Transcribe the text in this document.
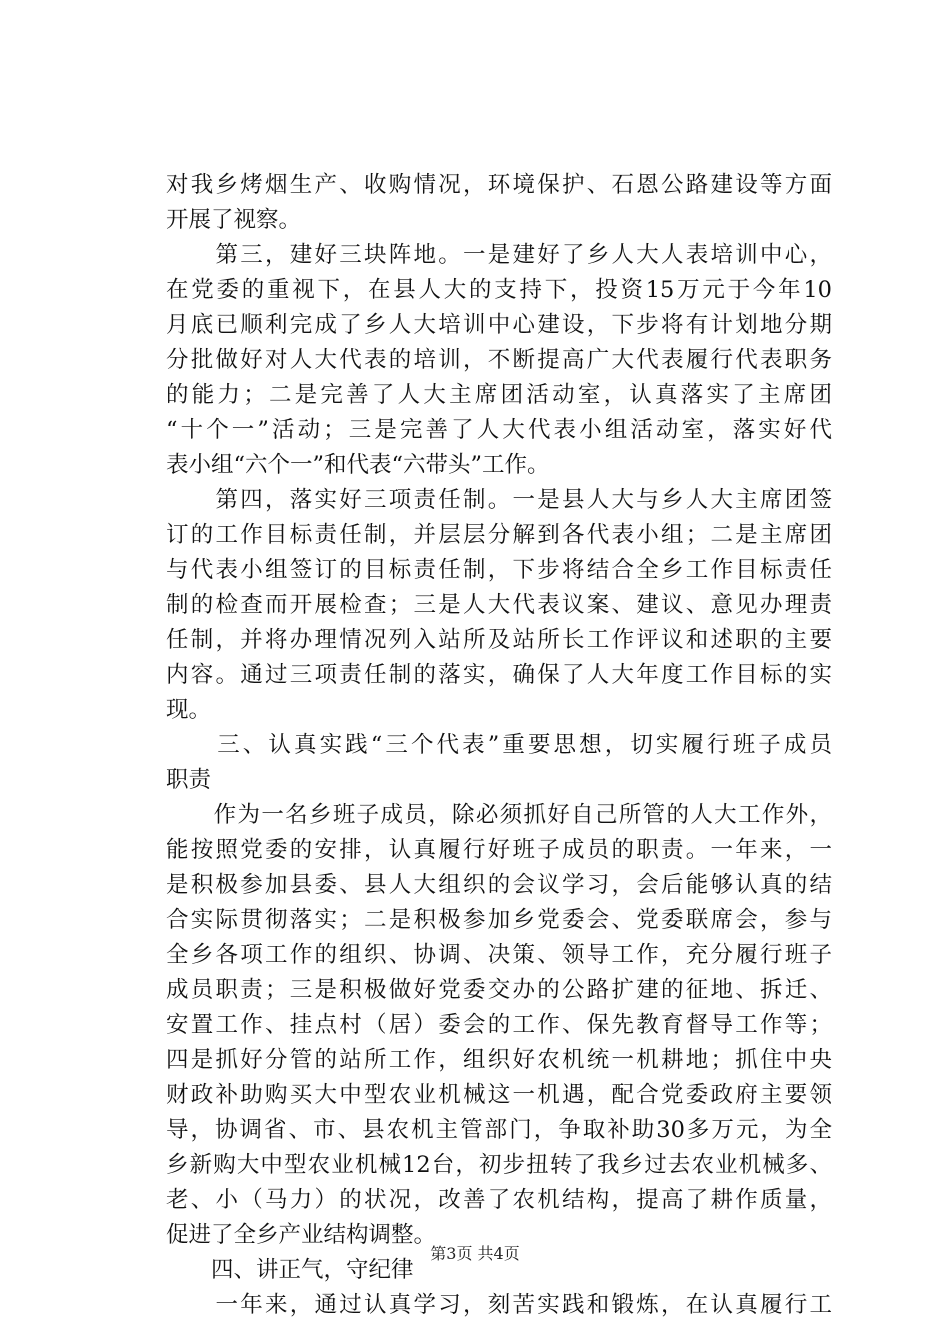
对我乡烤烟生产、收购情况，环境保护、石恩公路建设等方面
开展了视察。
　　第三，建好三块阵地。一是建好了乡人大人表培训中心，
在党委的重视下，在县人大的支持下，投资15万元于今年10
月底已顺利完成了乡人大培训中心建设，下步将有计划地分期
分批做好对人大代表的培训，不断提高广大代表履行代表职务
的能力；二是完善了人大主席团活动室，认真落实了主席团
“十个一”活动；三是完善了人大代表小组活动室，落实好代
表小组“六个一”和代表“六带头”工作。
　　第四，落实好三项责任制。一是县人大与乡人大主席团签
订的工作目标责任制，并层层分解到各代表小组；二是主席团
与代表小组签订的目标责任制，下步将结合全乡工作目标责任
制的检查而开展检查；三是人大代表议案、建议、意见办理责
任制，并将办理情况列入站所及站所长工作评议和述职的主要
内容。通过三项责任制的落实，确保了人大年度工作目标的实
现。
　　三、认真实践“三个代表”重要思想，切实履行班子成员
职责
　　作为一名乡班子成员，除必须抓好自己所管的人大工作外，
能按照党委的安排，认真履行好班子成员的职责。一年来，一
是积极参加县委、县人大组织的会议学习，会后能够认真的结
合实际贯彻落实；二是积极参加乡党委会、党委联席会，参与
全乡各项工作的组织、协调、决策、领导工作，充分履行班子
成员职责；三是积极做好党委交办的公路扩建的征地、拆迁、
安置工作、挂点村（居）委会的工作、保先教育督导工作等；
四是抓好分管的站所工作，组织好农机统一机耕地；抓住中央
财政补助购买大中型农业机械这一机遇，配合党委政府主要领
导，协调省、市、县农机主管部门，争取补助30多万元，为全
乡新购大中型农业机械12台，初步扭转了我乡过去农业机械多、
老、小（马力）的状况，改善了农机结构，提高了耕作质量，
促进了全乡产业结构调整。
　　四、讲正气，守纪律
　　一年来，通过认真学习，刻苦实践和锻炼，在认真履行工
第3页 共4页
